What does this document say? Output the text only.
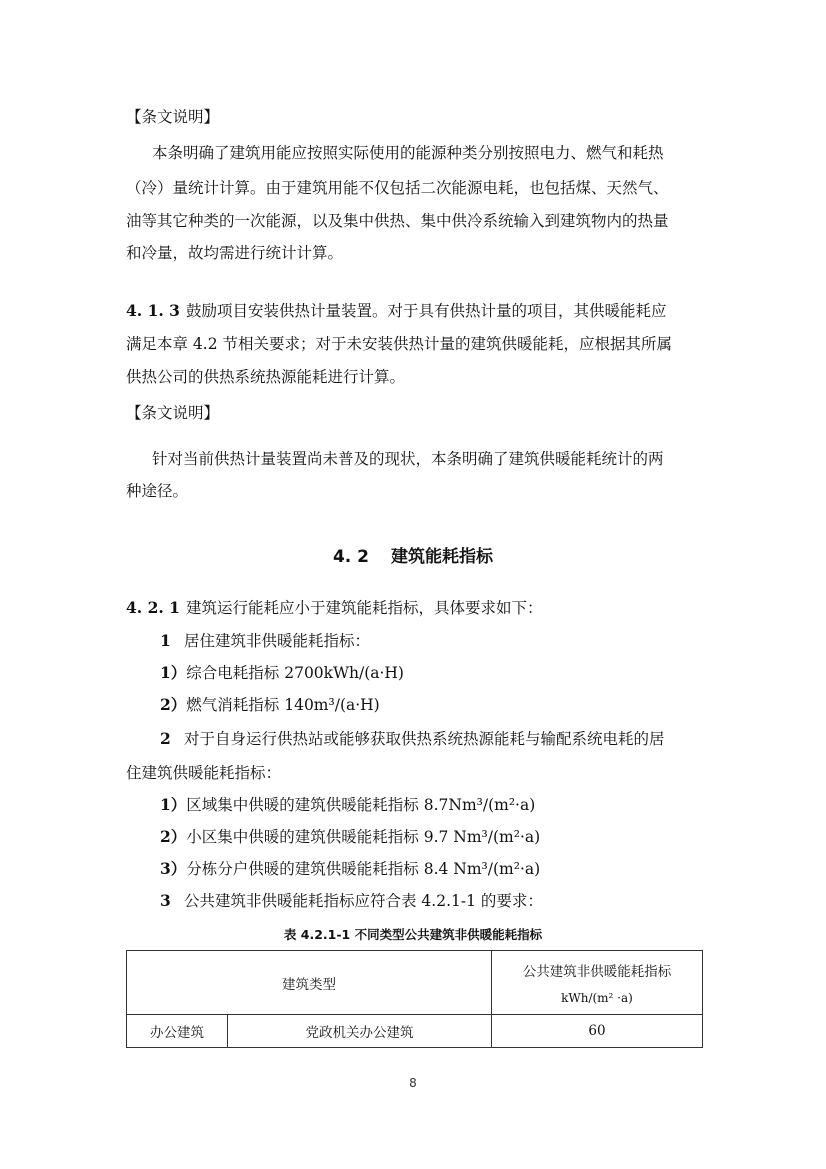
【条文说明】
本条明确了建筑用能应按照实际使用的能源种类分别按照电力、燃气和耗热
（冷）量统计计算。由于建筑用能不仅包括二次能源电耗，也包括煤、天然气、
油等其它种类的一次能源，以及集中供热、集中供冷系统输入到建筑物内的热量
和冷量，故均需进行统计计算。
4. 1. 3 鼓励项目安装供热计量装置。对于具有供热计量的项目，其供暖能耗应
满足本章 4.2 节相关要求；对于未安装供热计量的建筑供暖能耗，应根据其所属
供热公司的供热系统热源能耗进行计算。
【条文说明】
针对当前供热计量装置尚未普及的现状，本条明确了建筑供暖能耗统计的两
种途径。
4. 2 建筑能耗指标
4. 2. 1 建筑运行能耗应小于建筑能耗指标，具体要求如下：
1 居住建筑非供暖能耗指标：
1）综合电耗指标 2700kWh/(a·H)
2）燃气消耗指标 140m³/(a·H)
2 对于自身运行供热站或能够获取供热系统热源能耗与输配系统电耗的居
住建筑供暖能耗指标：
1）区域集中供暖的建筑供暖能耗指标 8.7Nm³/(m²·a)
2）小区集中供暖的建筑供暖能耗指标 9.7 Nm³/(m²·a)
3）分栋分户供暖的建筑供暖能耗指标 8.4 Nm³/(m²·a)
3 公共建筑非供暖能耗指标应符合表 4.2.1-1 的要求：
表 4.2.1-1 不同类型公共建筑非供暖能耗指标
建筑类型		公共建筑非供暖能耗指标
kWh/(m² ·a)
办公建筑	党政机关办公建筑	60
8
